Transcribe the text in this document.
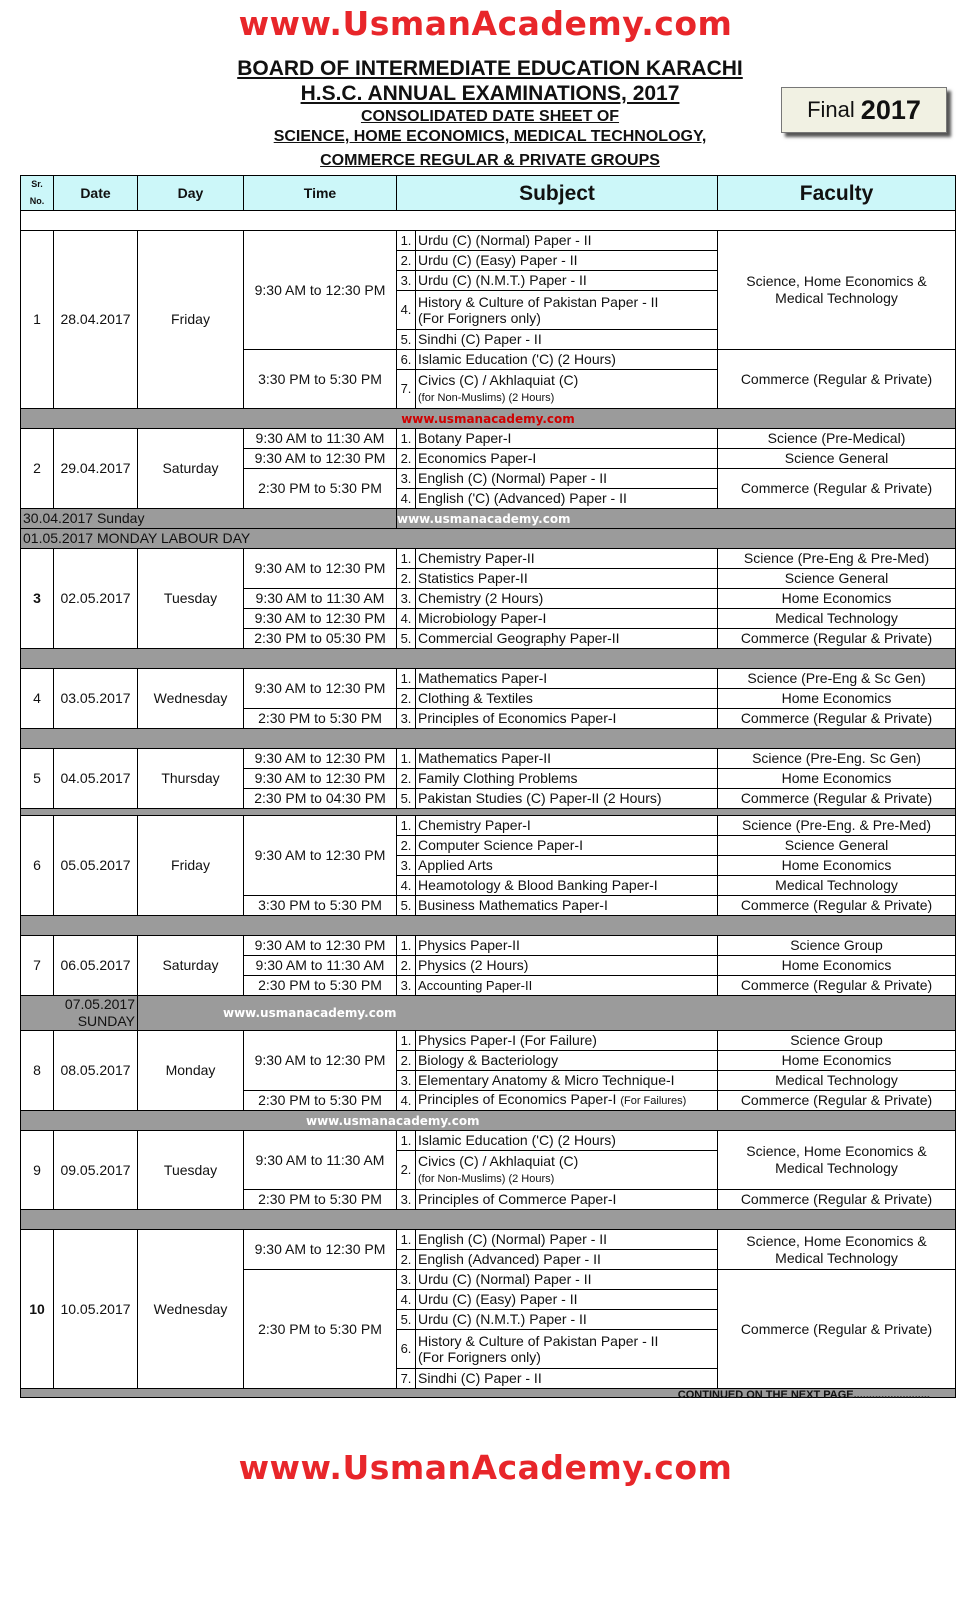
www.UsmanAcademy.com
BOARD OF INTERMEDIATE EDUCATION KARACHI
H.S.C. ANNUAL EXAMINATIONS, 2017
CONSOLIDATED DATE SHEET OF
SCIENCE, HOME ECONOMICS, MEDICAL TECHNOLOGY,
COMMERCE REGULAR & PRIVATE GROUPS
Final 2017
Sr. No.	Date	Day	Time	Subject		Faculty

1	28.04.2017	Friday	9:30 AM to 12:30 PM	1.	Urdu (C) (Normal) Paper - II	Science, Home Economics &
Medical Technology
				2.	Urdu (C) (Easy) Paper - II	
				3.	Urdu (C) (N.M.T.) Paper - II	
				4.	History & Culture of Pakistan Paper - II
(For Forigners only)	
				5.	Sindhi (C) Paper - II	
			3:30 PM to 5:30 PM	6.	Islamic Education ('C) (2 Hours)	Commerce (Regular & Private)
				7.	Civics (C) / Akhlaquiat (C)
(for Non-Muslims) (2 Hours)	
www.usmanacademy.com						
2	29.04.2017	Saturday	9:30 AM to 11:30 AM	1.	Botany Paper-I	Science (Pre-Medical)
			9:30 AM to 12:30 PM	2.	Economics Paper-I	Science General
			2:30 PM to 5:30 PM	3.	English (C) (Normal) Paper - II	Commerce (Regular & Private)
				4.	English ('C) (Advanced) Paper - II	
30.04.2017 Sunday				www.usmanacademy.com		
01.05.2017 MONDAY LABOUR DAY						
3	02.05.2017	Tuesday	9:30 AM to 12:30 PM	1.	Chemistry Paper-II	Science (Pre-Eng & Pre-Med)
				2.	Statistics Paper-II	Science General
			9:30 AM to 11:30 AM	3.	Chemistry (2 Hours)	Home Economics
			9:30 AM to 12:30 PM	4.	Microbiology Paper-I	Medical Technology
			2:30 PM to 05:30 PM	5.	Commercial Geography Paper-II	Commerce (Regular & Private)

4	03.05.2017	Wednesday	9:30 AM to 12:30 PM	1.	Mathematics Paper-I	Science (Pre-Eng & Sc Gen)
				2.	Clothing & Textiles	Home Economics
			2:30 PM to 5:30 PM	3.	Principles of Economics Paper-I	Commerce (Regular & Private)

5	04.05.2017	Thursday	9:30 AM to 12:30 PM	1.	Mathematics Paper-II	Science (Pre-Eng. Sc Gen)
			9:30 AM to 12:30 PM	2.	Family Clothing Problems	Home Economics
			2:30 PM to 04:30 PM	5.	Pakistan Studies (C) Paper-II (2 Hours)	Commerce (Regular & Private)

6	05.05.2017	Friday	9:30 AM to 12:30 PM	1.	Chemistry Paper-I	Science (Pre-Eng. & Pre-Med)
				2.	Computer Science Paper-I	Science General
				3.	Applied Arts	Home Economics
				4.	Heamotology & Blood Banking Paper-I	Medical Technology
			3:30 PM to 5:30 PM	5.	Business Mathematics Paper-I	Commerce (Regular & Private)

7	06.05.2017	Saturday	9:30 AM to 12:30 PM	1.	Physics Paper-II	Science Group
			9:30 AM to 11:30 AM	2.	Physics (2 Hours)	Home Economics
			2:30 PM to 5:30 PM	3.	Accounting Paper-II	Commerce (Regular & Private)
07.05.2017 SUNDAY		www.usmanacademy.com				
8	08.05.2017	Monday	9:30 AM to 12:30 PM	1.	Physics Paper-I (For Failure)	Science Group
				2.	Biology & Bacteriology	Home Economics
				3.	Elementary Anatomy & Micro Technique-I	Medical Technology
			2:30 PM to 5:30 PM	4.	Principles of Economics Paper-I (For Failures)	Commerce (Regular & Private)
www.usmanacademy.com						
9	09.05.2017	Tuesday	9:30 AM to 11:30 AM	1.	Islamic Education ('C) (2 Hours)	Science, Home Economics &
Medical Technology
				2.	Civics (C) / Akhlaquiat (C)
(for Non-Muslims) (2 Hours)	
			2:30 PM to 5:30 PM	3.	Principles of Commerce Paper-I	Commerce (Regular & Private)

10	10.05.2017	Wednesday	9:30 AM to 12:30 PM	1.	English (C) (Normal) Paper - II	Science, Home Economics &
Medical Technology
				2.	English (Advanced) Paper - II	
			2:30 PM to 5:30 PM	3.	Urdu (C) (Normal) Paper - II	Commerce (Regular & Private)
				4.	Urdu (C) (Easy) Paper - II	
				5.	Urdu (C) (N.M.T.) Paper - II	
				6.	History & Culture of Pakistan Paper - II
(For Forigners only)	
				7.	Sindhi (C) Paper - II	

CONTINUED ON THE NEXT PAGE.........................
www.UsmanAcademy.com
